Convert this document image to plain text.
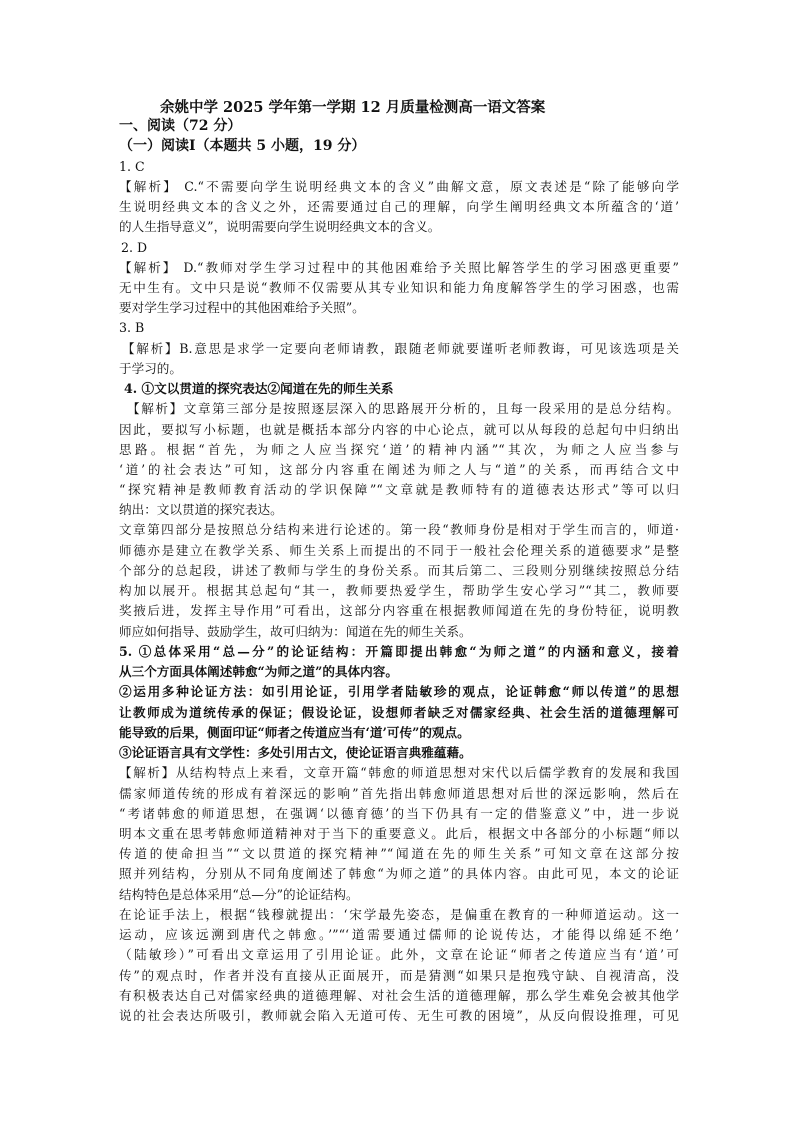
余姚中学 2025 学年第一学期 12 月质量检测高一语文答案
一、阅读（72 分）
（一）阅读Ⅰ（本题共 5 小题，19 分）
1. C
【解析】 C.“不需要向学生说明经典文本的含义”曲解文意，原文表述是“除了能够向学
生说明经典文本的含义之外，还需要通过自己的理解，向学生阐明经典文本所蕴含的‘道’
的人生指导意义”，说明需要向学生说明经典文本的含义。
2. D
【解析】 D.“教师对学生学习过程中的其他困难给予关照比解答学生的学习困惑更重要”
无中生有。文中只是说“教师不仅需要从其专业知识和能力角度解答学生的学习困惑，也需
要对学生学习过程中的其他困难给予关照”。
3. B
【解析】B.意思是求学一定要向老师请教，跟随老师就要谨听老师教诲，可见该选项是关
于学习的。
4. ①文以贯道的探究表达②闻道在先的师生关系
【解析】文章第三部分是按照逐层深入的思路展开分析的，且每一段采用的是总分结构。
因此，要拟写小标题，也就是概括本部分内容的中心论点，就可以从每段的总起句中归纳出
思路。根据“首先，为师之人应当探究‘道’的精神内涵”“其次，为师之人应当参与
‘道’的社会表达”可知，这部分内容重在阐述为师之人与“道”的关系，而再结合文中
“探究精神是教师教育活动的学识保障”“文章就是教师特有的道德表达形式”等可以归
纳出：文以贯道的探究表达。
文章第四部分是按照总分结构来进行论述的。第一段“教师身份是相对于学生而言的，师道·
师德亦是建立在教学关系、师生关系上而提出的不同于一般社会伦理关系的道德要求”是整
个部分的总起段，讲述了教师与学生的身份关系。而其后第二、三段则分别继续按照总分结
构加以展开。根据其总起句“其一，教师要热爱学生，帮助学生安心学习”“其二，教师要
奖掖后进，发挥主导作用”可看出，这部分内容重在根据教师闻道在先的身份特征，说明教
师应如何指导、鼓励学生，故可归纳为：闻道在先的师生关系。
5. ①总体采用“总—分”的论证结构：开篇即提出韩愈“为师之道”的内涵和意义，接着
从三个方面具体阐述韩愈“为师之道”的具体内容。
②运用多种论证方法：如引用论证，引用学者陆敏珍的观点，论证韩愈“师以传道”的思想
让教师成为道统传承的保证；假设论证，设想师者缺乏对儒家经典、社会生活的道德理解可
能导致的后果，侧面印证“师者之传道应当有‘道’可传”的观点。
③论证语言具有文学性：多处引用古文，使论证语言典雅蕴藉。
【解析】从结构特点上来看，文章开篇“韩愈的师道思想对宋代以后儒学教育的发展和我国
儒家师道传统的形成有着深远的影响”首先指出韩愈师道思想对后世的深远影响，然后在
“考诸韩愈的师道思想，在强调‘以德育德’的当下仍具有一定的借鉴意义”中，进一步说
明本文重在思考韩愈师道精神对于当下的重要意义。此后，根据文中各部分的小标题“师以
传道的使命担当”“文以贯道的探究精神”“闻道在先的师生关系”可知文章在这部分按
照并列结构，分别从不同角度阐述了韩愈“为师之道”的具体内容。由此可见，本文的论证
结构特色是总体采用“总—分”的论证结构。
在论证手法上，根据“钱穆就提出：‘宋学最先姿态，是偏重在教育的一种师道运动。这一
运动，应该远溯到唐代之韩愈。’”“‘道需要通过儒师的论说传达，才能得以绵延不绝’
（陆敏珍）”可看出文章运用了引用论证。此外，文章在论证“师者之传道应当有‘道’可
传”的观点时，作者并没有直接从正面展开，而是猜测“如果只是抱残守缺、自视清高，没
有积极表达自己对儒家经典的道德理解、对社会生活的道德理解，那么学生难免会被其他学
说的社会表达所吸引，教师就会陷入无道可传、无生可教的困境”，从反向假设推理，可见
